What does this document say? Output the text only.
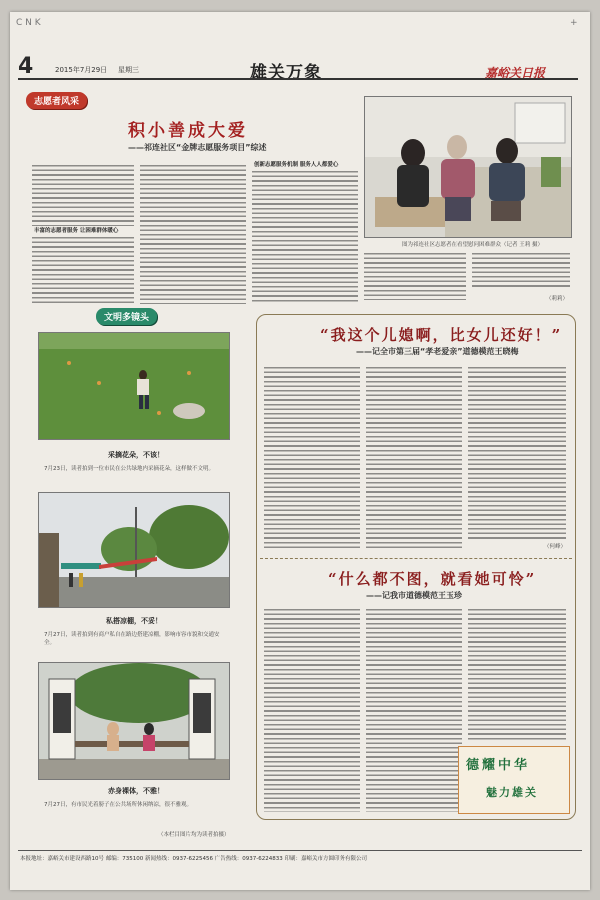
C N K	+
4	2015年7月29日 星期三	雄关万象	嘉峪关日报
志愿者风采
积小善成大爱
——祁连社区“金牌志愿服务项目”综述
丰富的志愿者服务 让困难群体暖心
创新志愿服务机制 服务人人都爱心
图为祁连社区志愿者在看望慰问困难群众（记者 王莉 摄）
（莉莉）
文明多镜头
采摘花朵，不该！
7月23日，读者拍到一位市民在公共绿地内采摘花朵，这样做不文明。
私搭凉棚，不妥！
7月27日，读者拍到有商户私自在路边搭建凉棚，影响市容市貌和交通安全。
赤身裸体，不雅！
7月27日，有市民光着膀子在公共场所休闲纳凉，很不雅观。
（本栏目图片均为读者拍摄）
“我这个儿媳啊，比女儿还好！”
——记全市第三届“孝老爱亲”道德模范王晓梅
（何峰）
“什么都不图，就看她可怜”
——记我市道德模范王玉珍
德耀中华
魅力雄关
本报地址：嘉峪关市建设西路10号 邮编：735100 新闻热线：0937-6225456 广告热线：0937-6224833 印刷：嘉峪关市方圆印务有限公司
